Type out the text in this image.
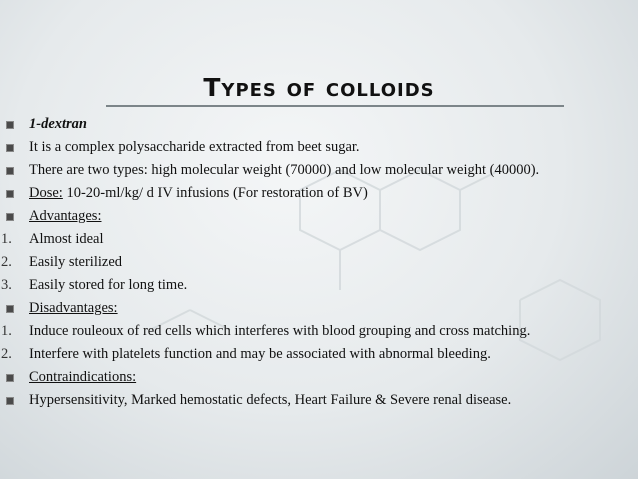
Types of colloids
1-dextran
It is a complex polysaccharide extracted from beet sugar.
There are two types: high molecular weight (70000) and low molecular weight (40000).
Dose: 10-20-ml/kg/ d IV infusions (For restoration of BV)
Advantages:
1. Almost ideal
2. Easily sterilized
3. Easily stored for long time.
Disadvantages:
1. Induce rouleoux of red cells which interferes with blood grouping and cross matching.
2. Interfere with platelets function and may be associated with abnormal bleeding.
Contraindications:
Hypersensitivity, Marked hemostatic defects, Heart Failure & Severe renal disease.
